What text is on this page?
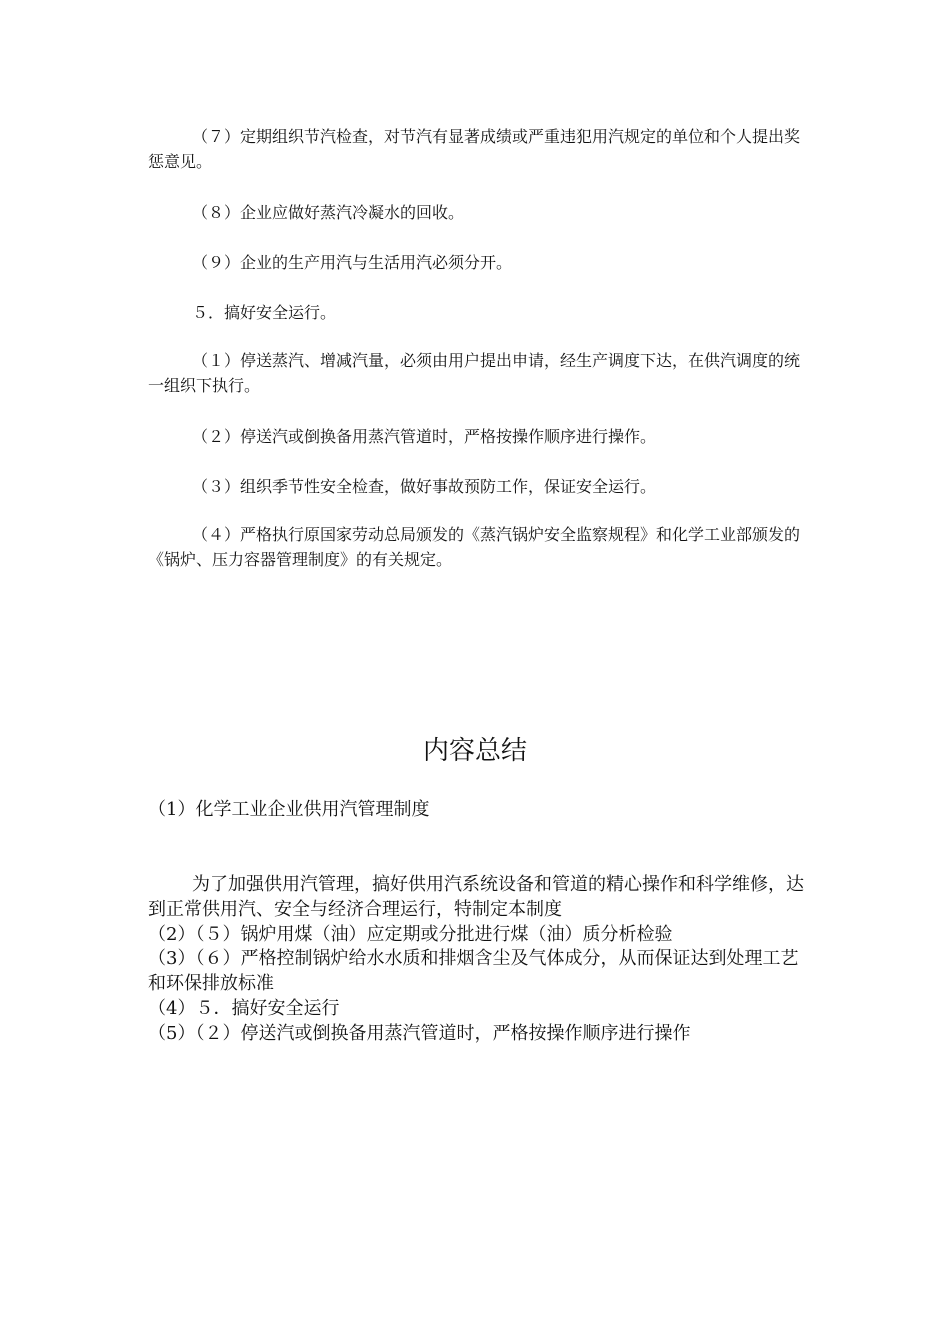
（７）定期组织节汽检查，对节汽有显著成绩或严重违犯用汽规定的单位和个人提出奖惩意见。

（８）企业应做好蒸汽冷凝水的回收。

（９）企业的生产用汽与生活用汽必须分开。

５．搞好安全运行。

（１）停送蒸汽、增减汽量，必须由用户提出申请，经生产调度下达，在供汽调度的统一组织下执行。

（２）停送汽或倒换备用蒸汽管道时，严格按操作顺序进行操作。

（３）组织季节性安全检查，做好事故预防工作，保证安全运行。

（４）严格执行原国家劳动总局颁发的《蒸汽锅炉安全监察规程》和化学工业部颁发的《锅炉、压力容器管理制度》的有关规定。

内容总结

（1）化学工业企业供用汽管理制度

为了加强供用汽管理，搞好供用汽系统设备和管道的精心操作和科学维修，达到正常供用汽、安全与经济合理运行，特制定本制度

（2）（５）锅炉用煤（油）应定期或分批进行煤（油）质分析检验

（3）（６）严格控制锅炉给水水质和排烟含尘及气体成分，从而保证达到处理工艺和环保排放标准

（4）５．搞好安全运行

（5）（２）停送汽或倒换备用蒸汽管道时，严格按操作顺序进行操作
